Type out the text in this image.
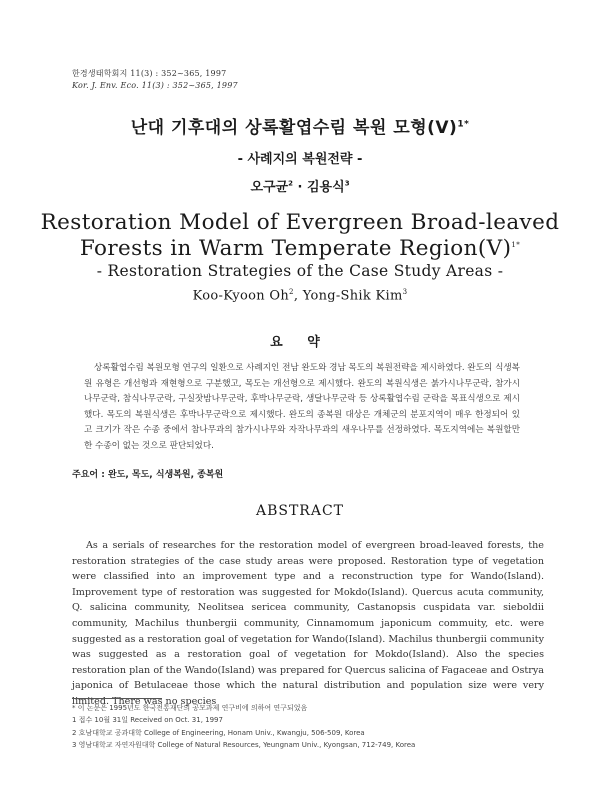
한경생태학회지 11(3) : 352~365, 1997
Kor. J. Env. Eco. 11(3) : 352~365, 1997
난대 기후대의 상록활엽수림 복원 모형$(V)^{1*}$
- 사례지의 복원전략 -
오구균$^2$ · 김용식$^3$
Restoration Model of Evergreen Broad-leaved
Forests in Warm Temperate $Region(V)^{1*}$
- Restoration Strategies of the Case Study Areas -
Koo-Kyoon Oh$^2$, Yong-Shik Kim$^3$
요 약

상록활엽수림 복원모형 연구의 일환으로 사례지인 전남 완도와 경남 목도의 복원전략을 제시하였다. 완도의 식생복원 유형은 개선형과 재현형으로 구분했고, 목도는 개선형으로 제시했다. 완도의 복원식생은 붉가시나무군락, 참가시나무군락, 참식나무군락, 구실잣밤나무군락, 후박나무군락, 생달나무군락 등 상록활엽수림 군락을 목표식생으로 제시했다. 목도의 복원식생은 후박나무군락으로 제시했다. 완도의 종복원 대상은 개체군의 분포지역이 매우 한정되어 있고 크기가 작은 수종 중에서 참나무과의 참가시나무와 자작나무과의 새우나무를 선정하였다. 목도지역에는 복원할만한 수종이 없는 것으로 판단되었다.

주요어 : 완도, 목도, 식생복원, 종복원
ABSTRACT

As a serials of researches for the restoration model of evergreen broad-leaved forests, the restoration strategies of the case study areas were proposed. Restoration type of vegetation were classified into an improvement type and a reconstruction type for Wando(Island). Improvement type of restoration was suggested for Mokdo(Island). Quercus acuta community, Q. salicina community, Neolitsea sericea community, Castanopsis cuspidata var. sieboldii community, Machilus thunbergii community, Cinnamomum japonicum commuity, etc. were suggested as a restoration goal of vegetation for Wando(Island). Machilus thunbergii community was suggested as a restoration goal of vegetation for Mokdo(Island). Also the species restoration plan of the Wando(Island) was prepared for Quercus salicina of Fagaceae and Ostrya japonica of Betulaceae those which the natural distribution and population size were very limited. There was no species

* 이 논문은 1995년도 한국전통재단의 공모과제 연구비에 의하여 연구되었음
1 접수 10월 31일 Received on Oct. 31, 1997
2 호남대학교 공과대학 College of Engineering, Honam Univ., Kwangju, 506-509, Korea
3 영남대학교 자연자원대학 College of Natural Resources, Yeungnam Univ., Kyongsan, 712-749, Korea
